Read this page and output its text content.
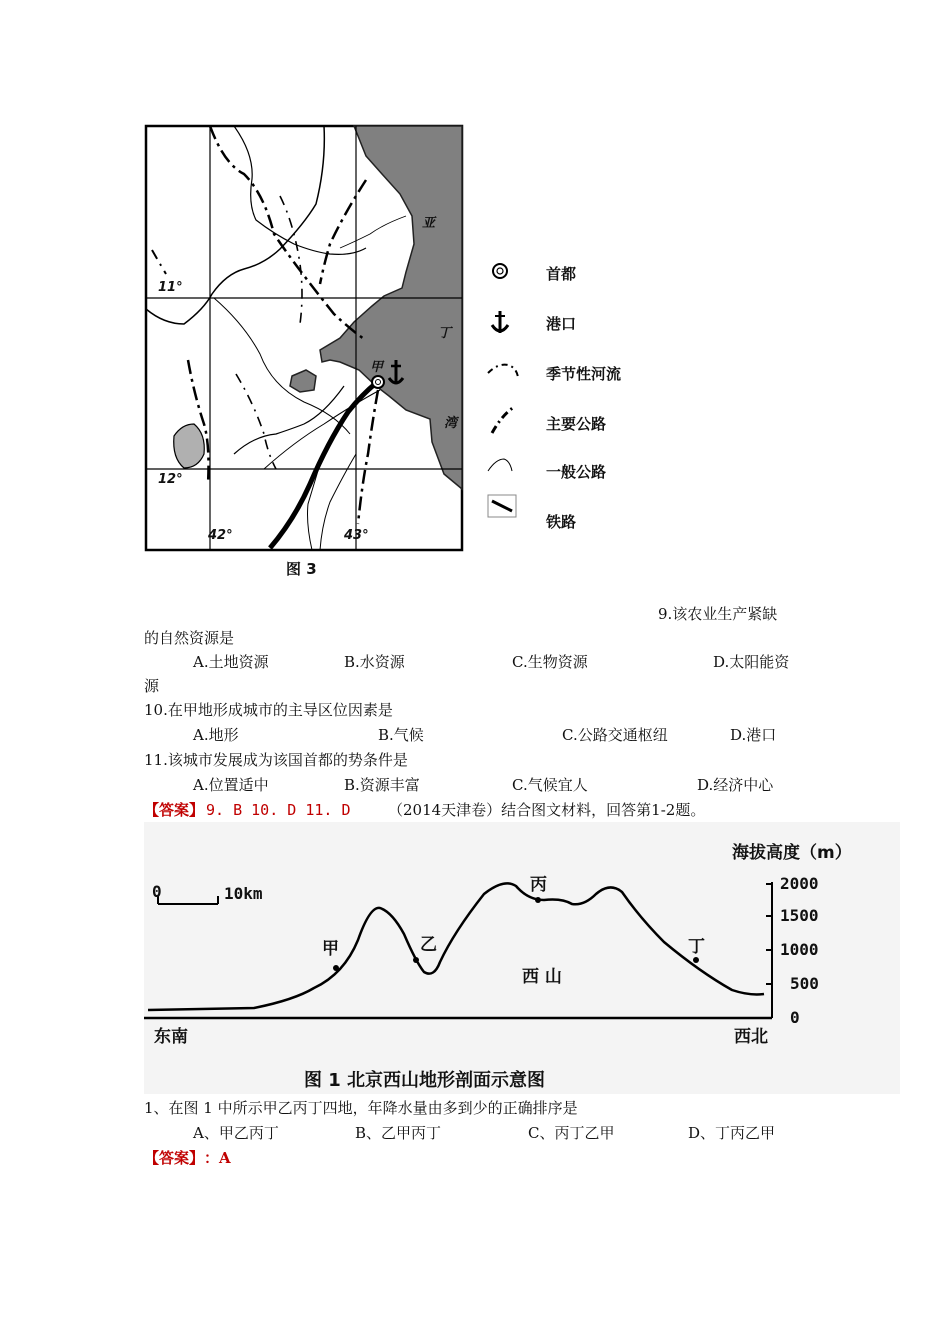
11°
12°
42°	43°
亚
丁
湾
甲
图 3
首都
港口
季节性河流
主要公路
一般公路
铁路
9.该农业生产紧缺
的自然资源是
A.土地资源	B.水资源	C.生物资源	D.太阳能资
源
10.在甲地形成城市的主导区位因素是
A.地形	B.气候	C.公路交通枢纽	D.港口
11.该城市发展成为该国首都的势条件是
A.位置适中	B.资源丰富	C.气候宜人	D.经济中心
【答案】 9. B 10. D 11. D	（2014天津卷）结合图文材料，回答第1-2题。
海拔高度（m）
0	10km
2000
1500
1000
500
0
东南	西北
西 山
甲	乙
丙
丁
图 1 北京西山地形剖面示意图
1、在图 1 中所示甲乙丙丁四地，年降水量由多到少的正确排序是
A、甲乙丙丁	B、乙甲丙丁	C、丙丁乙甲	D、丁丙乙甲
【答案】 ：A
